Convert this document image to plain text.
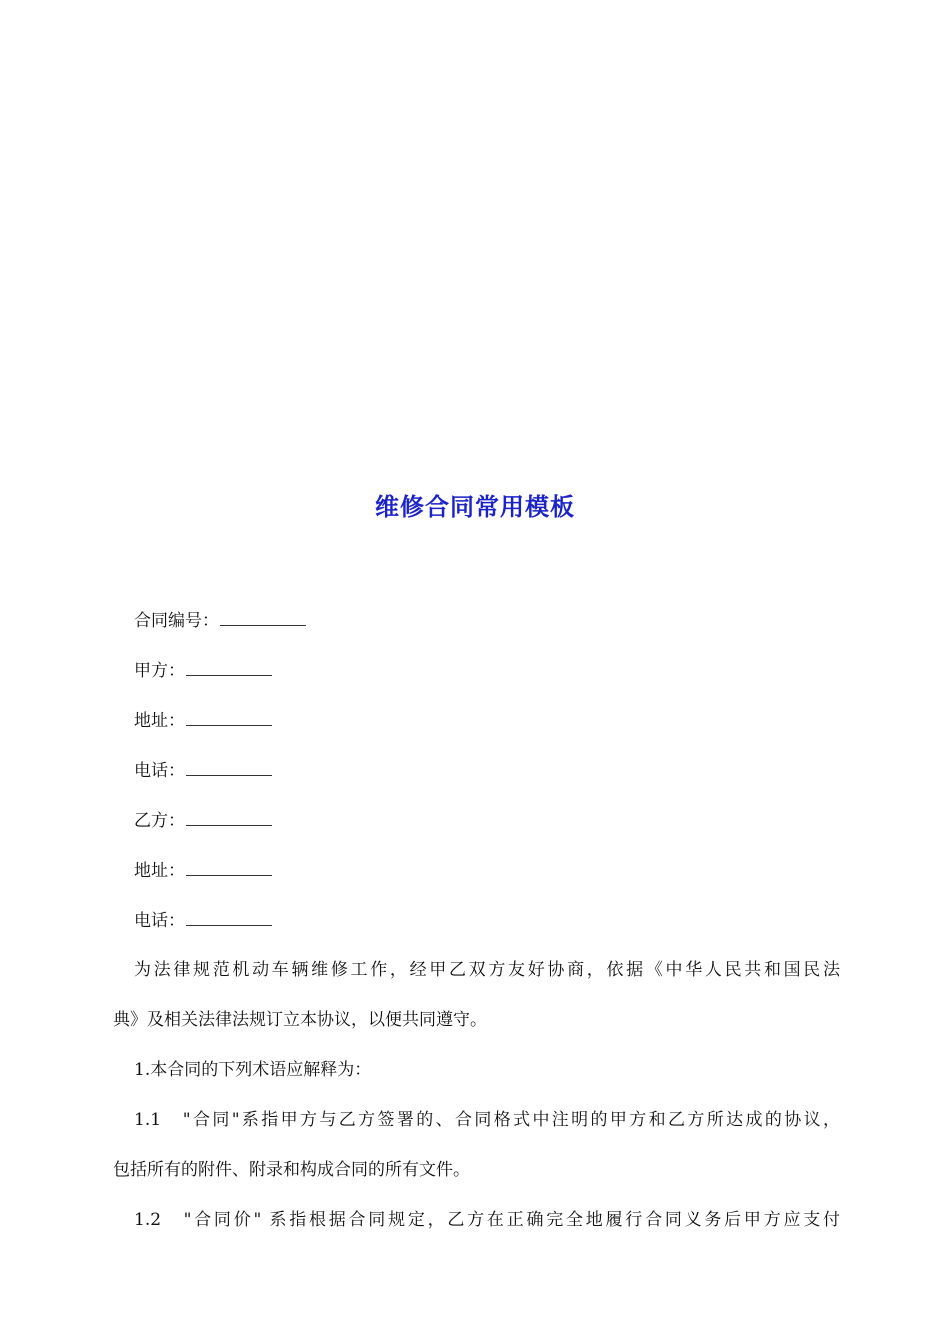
维修合同常用模板
合同编号：
甲方：
地址：
电话：
乙方：
地址：
电话：
为法律规范机动车辆维修工作，经甲乙双方友好协商，依据《中华人民共和国民法
典》及相关法律法规订立本协议，以便共同遵守。
1.本合同的下列术语应解释为：
1.1　"合同"系指甲方与乙方签署的、合同格式中注明的甲方和乙方所达成的协议，
包括所有的附件、附录和构成合同的所有文件。
1.2　"合同价" 系指根据合同规定，乙方在正确完全地履行合同义务后甲方应支付
